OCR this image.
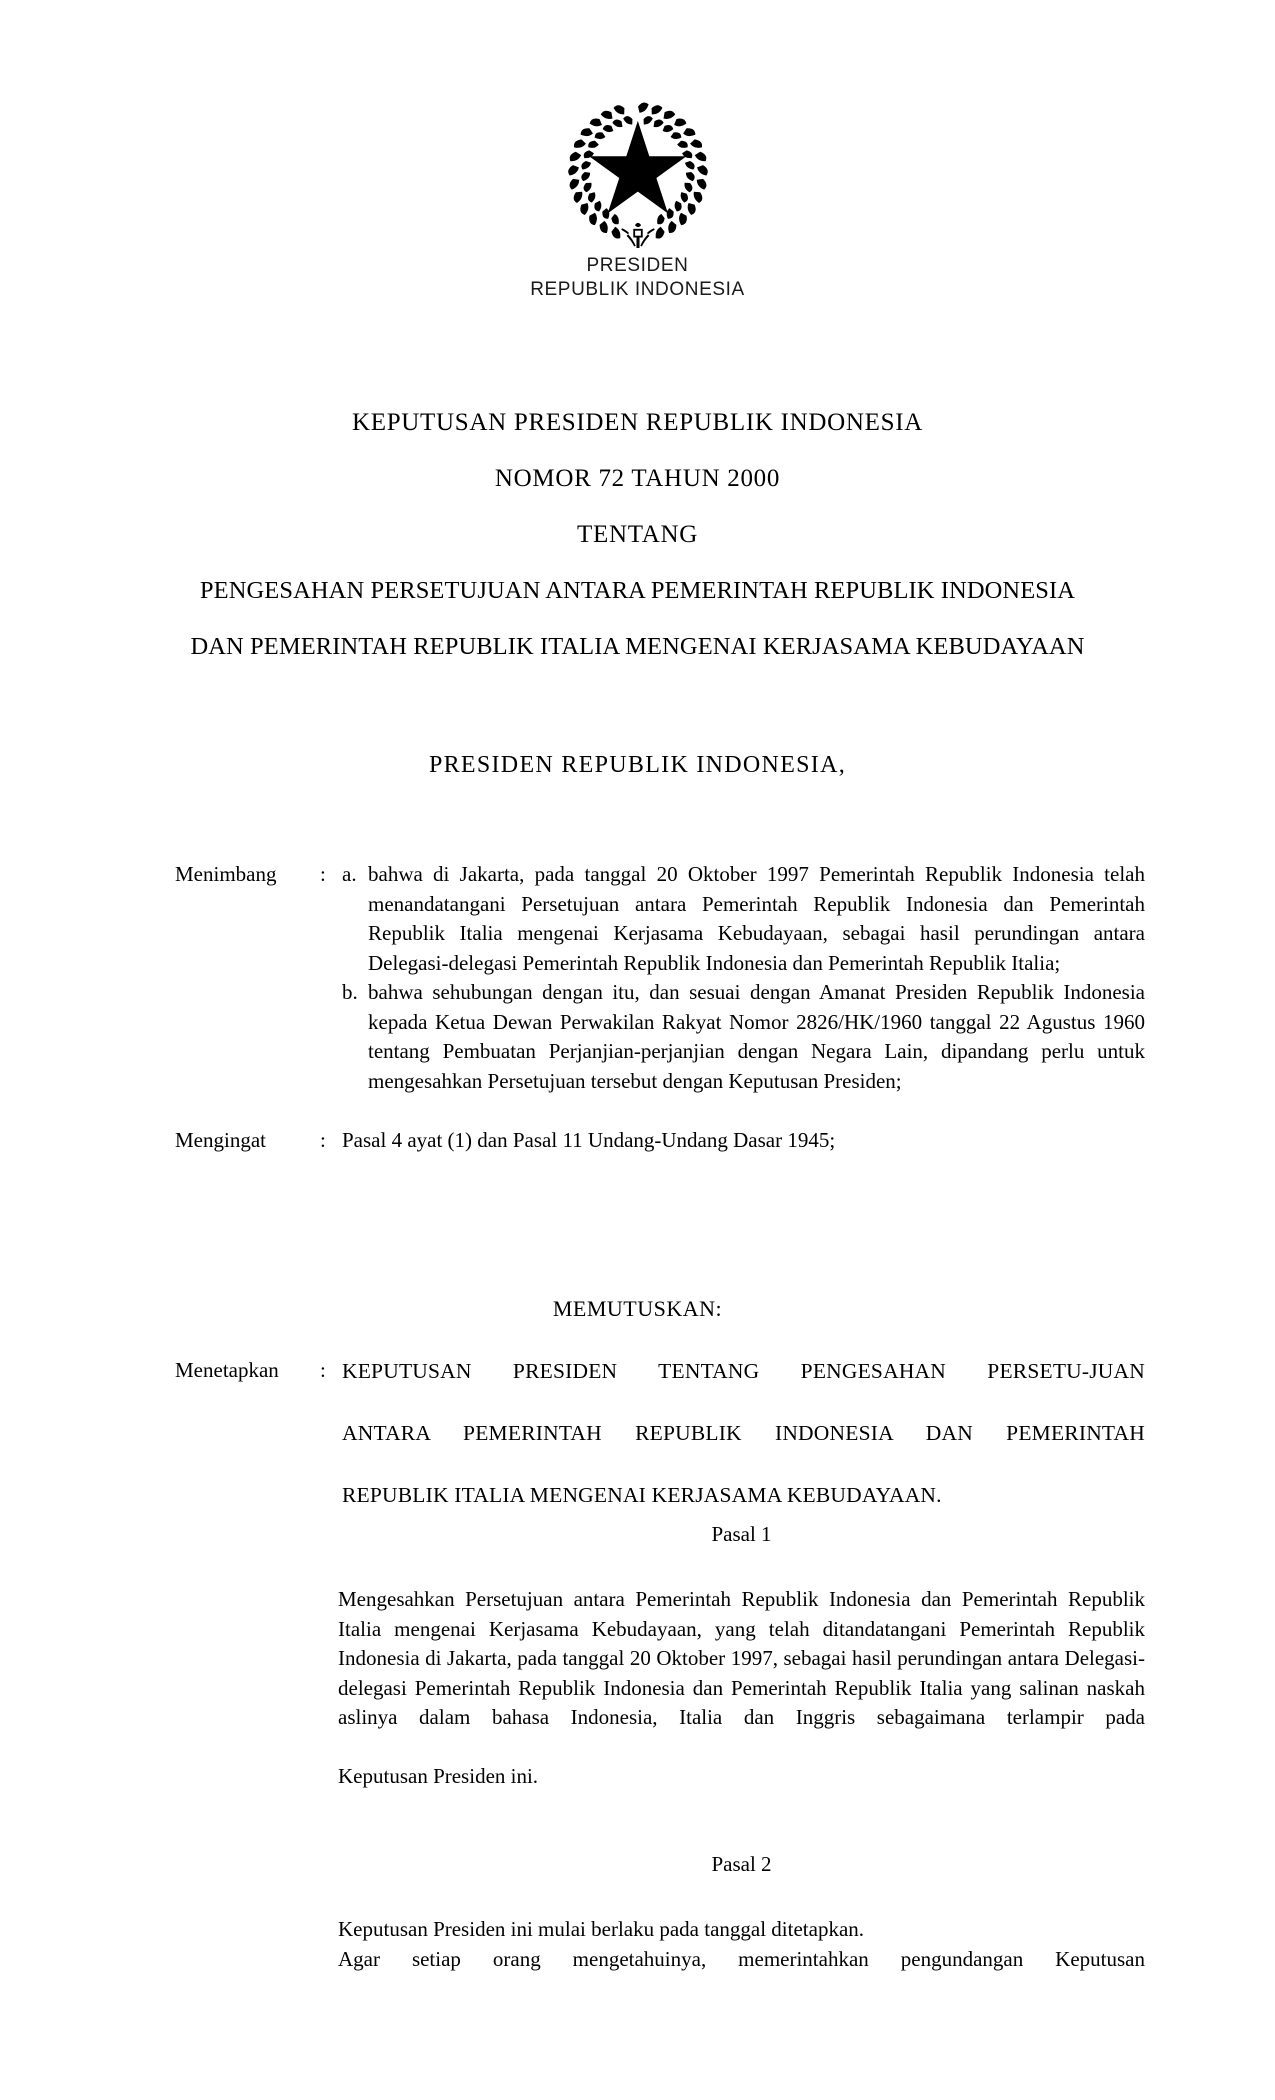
PRESIDEN
REPUBLIK INDONESIA
KEPUTUSAN PRESIDEN REPUBLIK INDONESIA
NOMOR 72 TAHUN 2000
TENTANG
PENGESAHAN PERSETUJUAN ANTARA PEMERINTAH REPUBLIK INDONESIA
DAN PEMERINTAH REPUBLIK ITALIA MENGENAI KERJASAMA KEBUDAYAAN
PRESIDEN REPUBLIK INDONESIA,
Menimbang	: a. bahwa di Jakarta, pada tanggal 20 Oktober 1997 Pemerintah Republik Indonesia telah menandatangani Persetujuan antara Pemerintah Republik Indonesia dan Pemerintah Republik Italia mengenai Kerjasama Kebudayaan, sebagai hasil perundingan antara Delegasi-delegasi Pemerintah Republik Indonesia dan Pemerintah Republik Italia;
b. bahwa sehubungan dengan itu, dan sesuai dengan Amanat Presiden Republik Indonesia kepada Ketua Dewan Perwakilan Rakyat Nomor 2826/HK/1960 tanggal 22 Agustus 1960 tentang Pembuatan Perjanjian-perjanjian dengan Negara Lain, dipandang perlu untuk mengesahkan Persetujuan tersebut dengan Keputusan Presiden;
Mengingat	: Pasal 4 ayat (1) dan Pasal 11 Undang-Undang Dasar 1945;
MEMUTUSKAN:
Menetapkan	: KEPUTUSAN PRESIDEN TENTANG PENGESAHAN PERSETU-JUAN
ANTARA PEMERINTAH REPUBLIK INDONESIA DAN PEMERINTAH
REPUBLIK ITALIA MENGENAI KERJASAMA KEBUDAYAAN.
Pasal 1
Mengesahkan Persetujuan antara Pemerintah Republik Indonesia dan Pemerintah Republik Italia mengenai Kerjasama Kebudayaan, yang telah ditandatangani Pemerintah Republik Indonesia di Jakarta, pada tanggal 20 Oktober 1997, sebagai hasil perundingan antara Delegasi-delegasi Pemerintah Republik Indonesia dan Pemerintah Republik Italia yang salinan naskah aslinya dalam bahasa Indonesia, Italia dan Inggris sebagaimana terlampir pada
Keputusan Presiden ini.
Pasal 2
Keputusan Presiden ini mulai berlaku pada tanggal ditetapkan.
Agar setiap orang mengetahuinya, memerintahkan pengundangan Keputusan
